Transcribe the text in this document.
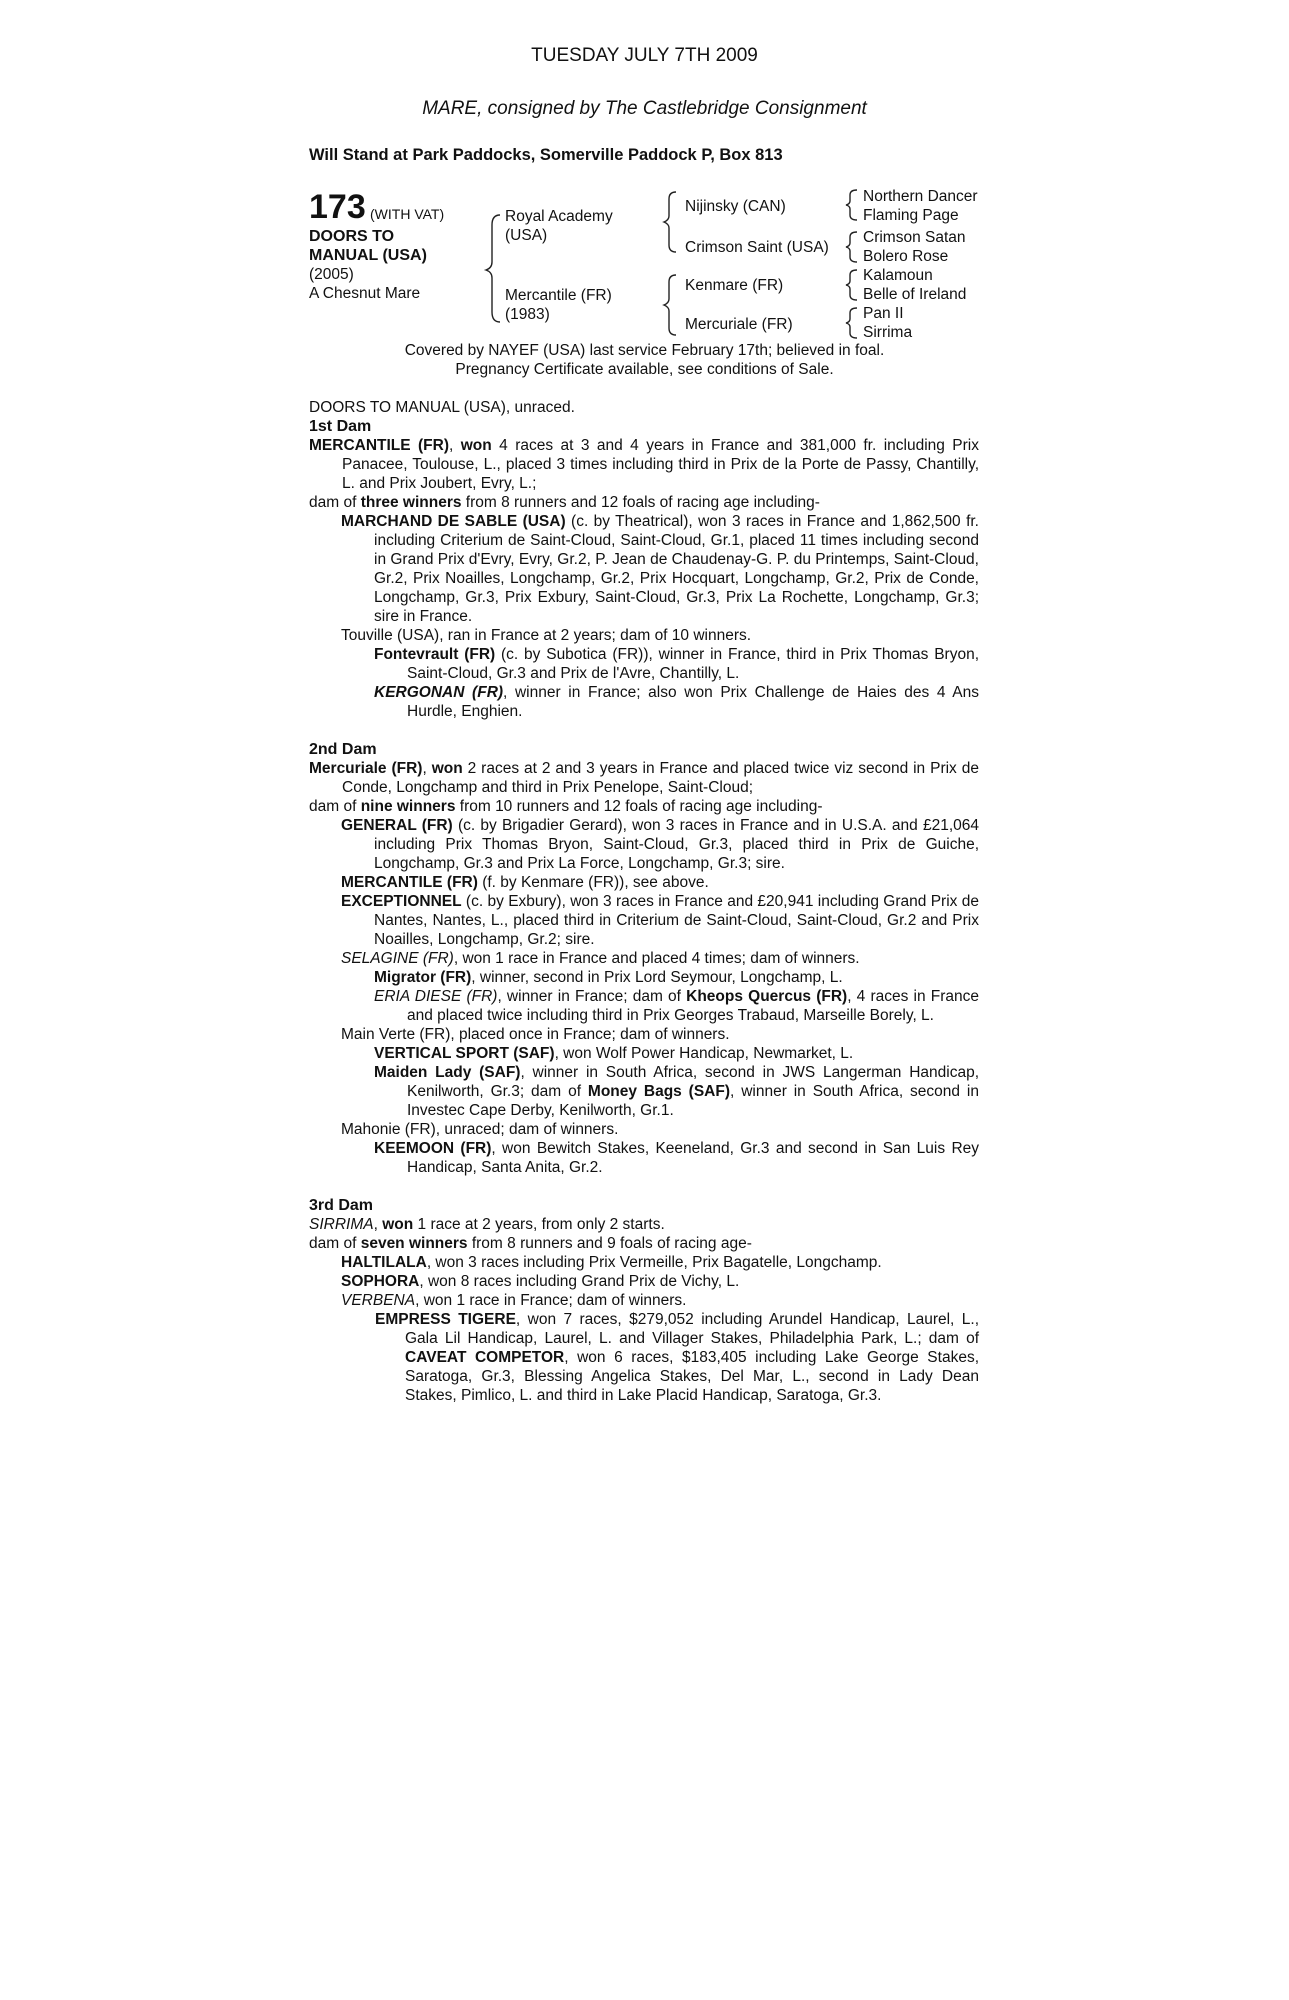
TUESDAY JULY 7TH 2009
MARE, consigned by The Castlebridge Consignment
Will Stand at Park Paddocks, Somerville Paddock P, Box 813
173 (WITH VAT)
DOORS TO
MANUAL (USA)
(2005)
A Chesnut Mare
Royal Academy
(USA)
Mercantile (FR)
(1983)
Nijinsky (CAN)
Crimson Saint (USA)
Kenmare (FR)
Mercuriale (FR)
Northern Dancer
Flaming Page
Crimson Satan
Bolero Rose
Kalamoun
Belle of Ireland
Pan II
Sirrima
Covered by NAYEF (USA) last service February 17th; believed in foal.
Pregnancy Certificate available, see conditions of Sale.
DOORS TO MANUAL (USA), unraced.
1st Dam
MERCANTILE (FR), won 4 races at 3 and 4 years in France and 381,000 fr. including Prix Panacee, Toulouse, L., placed 3 times including third in Prix de la Porte de Passy, Chantilly, L. and Prix Joubert, Evry, L.;
dam of three winners from 8 runners and 12 foals of racing age including-
MARCHAND DE SABLE (USA) (c. by Theatrical), won 3 races in France and 1,862,500 fr. including Criterium de Saint-Cloud, Saint-Cloud, Gr.1, placed 11 times including second in Grand Prix d'Evry, Evry, Gr.2, P. Jean de Chaudenay-G. P. du Printemps, Saint-Cloud, Gr.2, Prix Noailles, Longchamp, Gr.2, Prix Hocquart, Longchamp, Gr.2, Prix de Conde, Longchamp, Gr.3, Prix Exbury, Saint-Cloud, Gr.3, Prix La Rochette, Longchamp, Gr.3; sire in France.
Touville (USA), ran in France at 2 years; dam of 10 winners.
Fontevrault (FR) (c. by Subotica (FR)), winner in France, third in Prix Thomas Bryon, Saint-Cloud, Gr.3 and Prix de l'Avre, Chantilly, L.
KERGONAN (FR), winner in France; also won Prix Challenge de Haies des 4 Ans Hurdle, Enghien.
2nd Dam
Mercuriale (FR), won 2 races at 2 and 3 years in France and placed twice viz second in Prix de Conde, Longchamp and third in Prix Penelope, Saint-Cloud;
dam of nine winners from 10 runners and 12 foals of racing age including-
GENERAL (FR) (c. by Brigadier Gerard), won 3 races in France and in U.S.A. and £21,064 including Prix Thomas Bryon, Saint-Cloud, Gr.3, placed third in Prix de Guiche, Longchamp, Gr.3 and Prix La Force, Longchamp, Gr.3; sire.
MERCANTILE (FR) (f. by Kenmare (FR)), see above.
EXCEPTIONNEL (c. by Exbury), won 3 races in France and £20,941 including Grand Prix de Nantes, Nantes, L., placed third in Criterium de Saint-Cloud, Saint-Cloud, Gr.2 and Prix Noailles, Longchamp, Gr.2; sire.
SELAGINE (FR), won 1 race in France and placed 4 times; dam of winners.
Migrator (FR), winner, second in Prix Lord Seymour, Longchamp, L.
ERIA DIESE (FR), winner in France; dam of Kheops Quercus (FR), 4 races in France and placed twice including third in Prix Georges Trabaud, Marseille Borely, L.
Main Verte (FR), placed once in France; dam of winners.
VERTICAL SPORT (SAF), won Wolf Power Handicap, Newmarket, L.
Maiden Lady (SAF), winner in South Africa, second in JWS Langerman Handicap, Kenilworth, Gr.3; dam of Money Bags (SAF), winner in South Africa, second in Investec Cape Derby, Kenilworth, Gr.1.
Mahonie (FR), unraced; dam of winners.
KEEMOON (FR), won Bewitch Stakes, Keeneland, Gr.3 and second in San Luis Rey Handicap, Santa Anita, Gr.2.
3rd Dam
SIRRIMA, won 1 race at 2 years, from only 2 starts.
dam of seven winners from 8 runners and 9 foals of racing age-
HALTILALA, won 3 races including Prix Vermeille, Prix Bagatelle, Longchamp.
SOPHORA, won 8 races including Grand Prix de Vichy, L.
VERBENA, won 1 race in France; dam of winners.
EMPRESS TIGERE, won 7 races, $279,052 including Arundel Handicap, Laurel, L., Gala Lil Handicap, Laurel, L. and Villager Stakes, Philadelphia Park, L.; dam of CAVEAT COMPETOR, won 6 races, $183,405 including Lake George Stakes, Saratoga, Gr.3, Blessing Angelica Stakes, Del Mar, L., second in Lady Dean Stakes, Pimlico, L. and third in Lake Placid Handicap, Saratoga, Gr.3.
